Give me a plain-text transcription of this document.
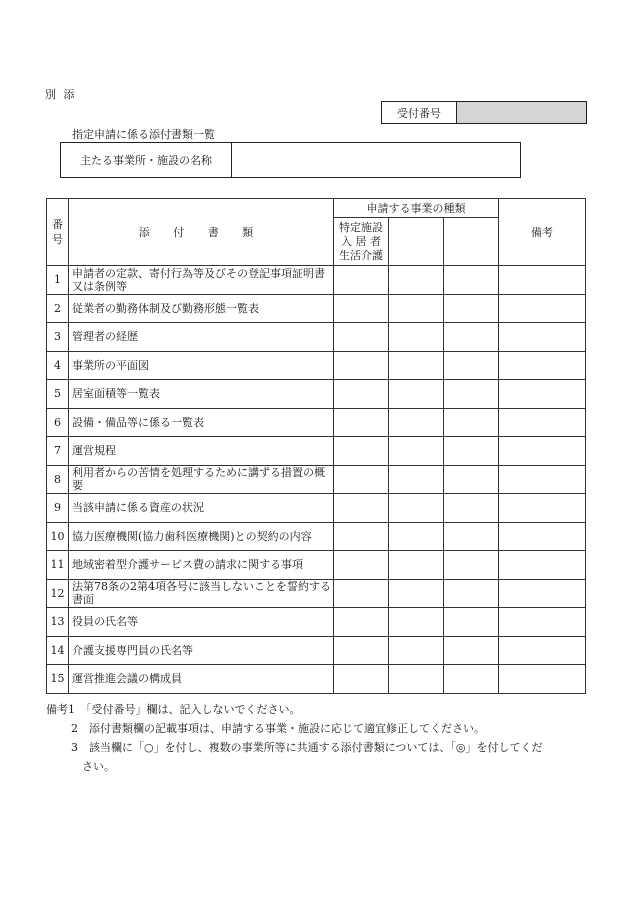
別 添
受付番号
指定申請に係る添付書類一覧
主たる事業所・施設の名称
番
号	添 付 書 類	申請する事業の種類			備考
		特定施設
入 居 者
生活介護			
1	申請者の定款、寄付行為等及びその登記事項証明書又は条例等				
2	従業者の勤務体制及び勤務形態一覧表				
3	管理者の経歴				
4	事業所の平面図				
5	居室面積等一覧表				
6	設備・備品等に係る一覧表				
7	運営規程				
8	利用者からの苦情を処理するために講ずる措置の概要				
9	当該申請に係る資産の状況				
10	協力医療機関(協力歯科医療機関)との契約の内容				
11	地域密着型介護サービス費の請求に関する事項				
12	法第78条の2第4項各号に該当しないことを誓約する書面				
13	役員の氏名等				
14	介護支援専門員の氏名等				
15	運営推進会議の構成員				
備考1　「受付番号」欄は、記入しないでください。
2　添付書類欄の記載事項は、申請する事業・施設に応じて適宜修正してください。
3　該当欄に「○」を付し、複数の事業所等に共通する添付書類については、「◎」を付してくだ
さい。
